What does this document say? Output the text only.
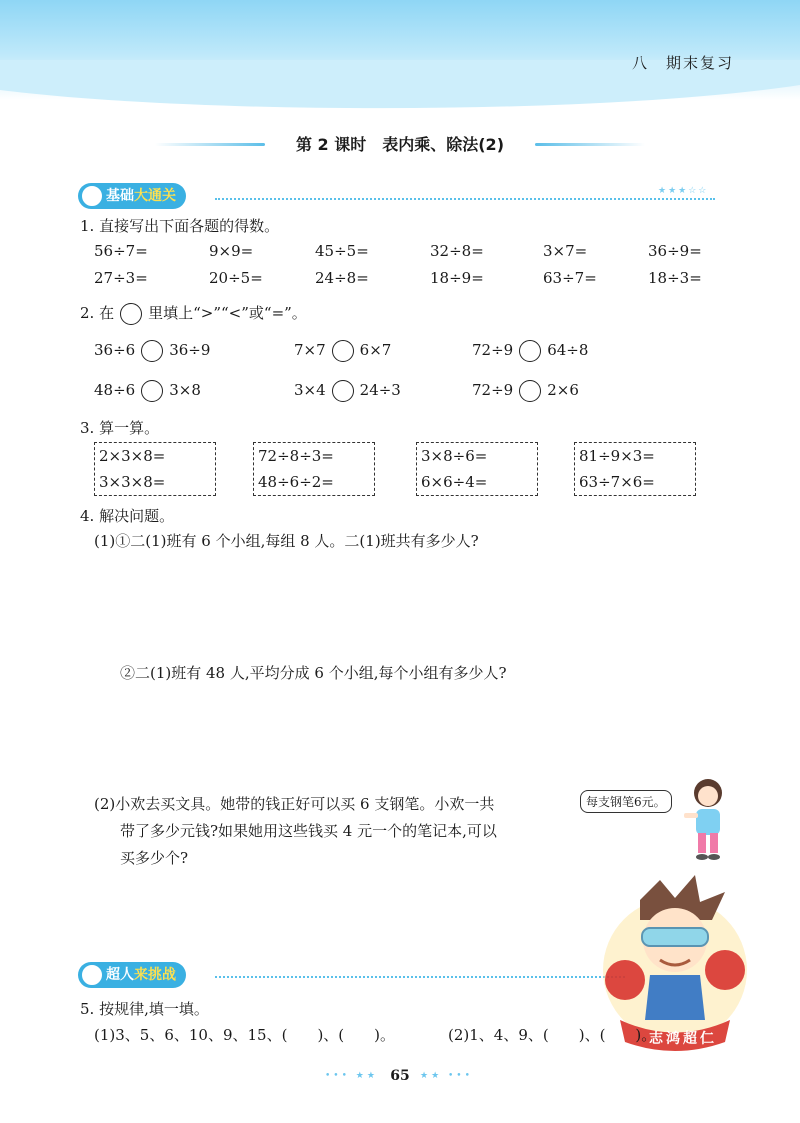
八　期末复习
第 2 课时　表内乘、除法(2)
基础大通关	★★★☆☆
1. 直接写出下面各题的得数。
56÷7=	9×9=	45÷5=	32÷8=	3×7=	36÷9=
27÷3=	20÷5=	24÷8=	18÷9=	63÷7=	18÷3=
2. 在 里填上“>”“<”或“=”。
36÷6 36÷9	7×7 6×7	72÷9 64÷8
48÷6 3×8	3×4 24÷3	72÷9 2×6
3. 算一算。
2×3×8=
3×3×8=
72÷8÷3=
48÷6÷2=
3×8÷6=
6×6÷4=
81÷9×3=
63÷7×6=
4. 解决问题。
(1)①二(1)班有 6 个小组,每组 8 人。二(1)班共有多少人?
②二(1)班有 48 人,平均分成 6 个小组,每个小组有多少人?
(2)小欢去买文具。她带的钱正好可以买 6 支钢笔。小欢一共
带了多少元钱?如果她用这些钱买 4 元一个的笔记本,可以
买多少个?
每支钢笔6元。
超人来挑战
志鸿超仁
5. 按规律,填一填。
(1)3、5、6、10、9、15、(　　)、(　　)。	(2)1、4、9、(　　)、(　　)。
••• ★★ 65	★★ •••
